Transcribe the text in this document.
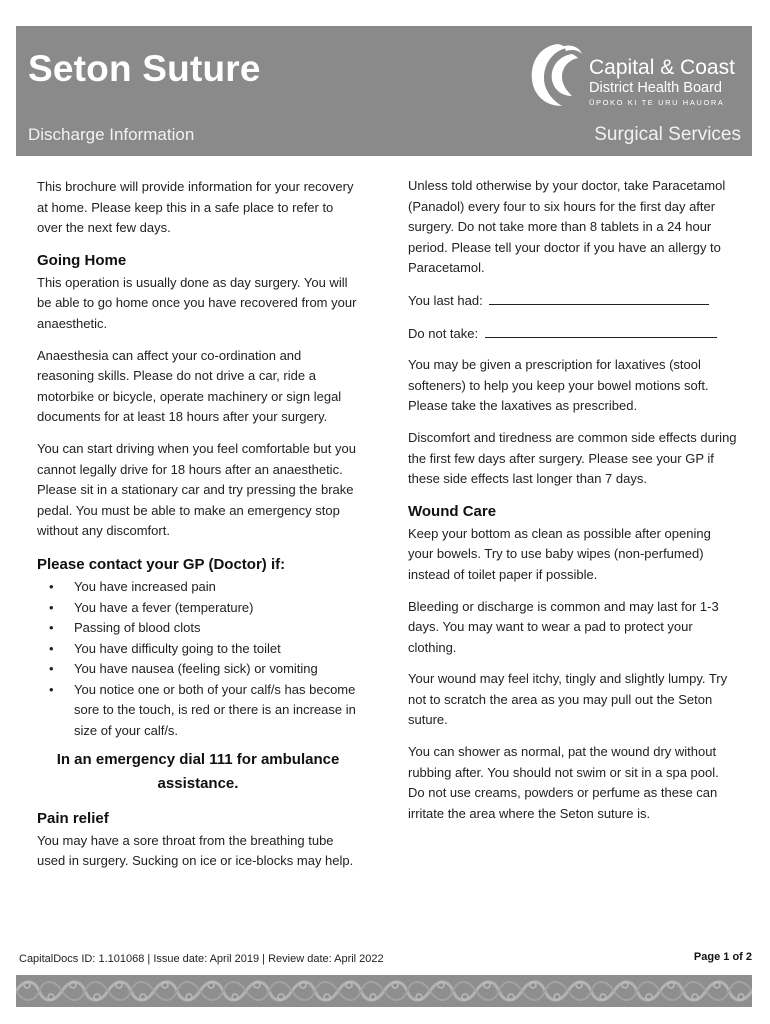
Seton Suture
Discharge Information	Surgical Services
Capital & Coast
District Health Board
ŪPOKO KI TE URU HAUORA

This brochure will provide information for your recovery at home. Please keep this in a safe place to refer to over the next few days.

Going Home

This operation is usually done as day surgery. You will be able to go home once you have recovered from your anaesthetic.

Anaesthesia can affect your co-ordination and reasoning skills. Please do not drive a car, ride a motorbike or bicycle, operate machinery or sign legal documents for at least 18 hours after your surgery.

You can start driving when you feel comfortable but you cannot legally drive for 18 hours after an anaesthetic. Please sit in a stationary car and try pressing the brake pedal. You must be able to make an emergency stop without any discomfort.

Please contact your GP (Doctor) if:
• You have increased pain
• You have a fever (temperature)
• Passing of blood clots
• You have difficulty going to the toilet
• You have nausea (feeling sick) or vomiting
• You notice one or both of your calf/s has become sore to the touch, is red or there is an increase in size of your calf/s.
In an emergency dial 111 for ambulance assistance.
Pain relief

You may have a sore throat from the breathing tube used in surgery. Sucking on ice or ice-blocks may help.

Unless told otherwise by your doctor, take Paracetamol (Panadol) every four to six hours for the first day after surgery. Do not take more than 8 tablets in a 24 hour period. Please tell your doctor if you have an allergy to Paracetamol.

You last had:

Do not take:

You may be given a prescription for laxatives (stool softeners) to help you keep your bowel motions soft. Please take the laxatives as prescribed.

Discomfort and tiredness are common side effects during the first few days after surgery. Please see your GP if these side effects last longer than 7 days.

Wound Care

Keep your bottom as clean as possible after opening your bowels. Try to use baby wipes (non-perfumed) instead of toilet paper if possible.

Bleeding or discharge is common and may last for 1-3 days. You may want to wear a pad to protect your clothing.

Your wound may feel itchy, tingly and slightly lumpy. Try not to scratch the area as you may pull out the Seton suture.

You can shower as normal, pat the wound dry without rubbing after. You should not swim or sit in a spa pool. Do not use creams, powders or perfume as these can irritate the area where the Seton suture is.

CapitalDocs ID: 1.101068 | Issue date: April 2019 | Review date: April 2022	Page 1 of 2
